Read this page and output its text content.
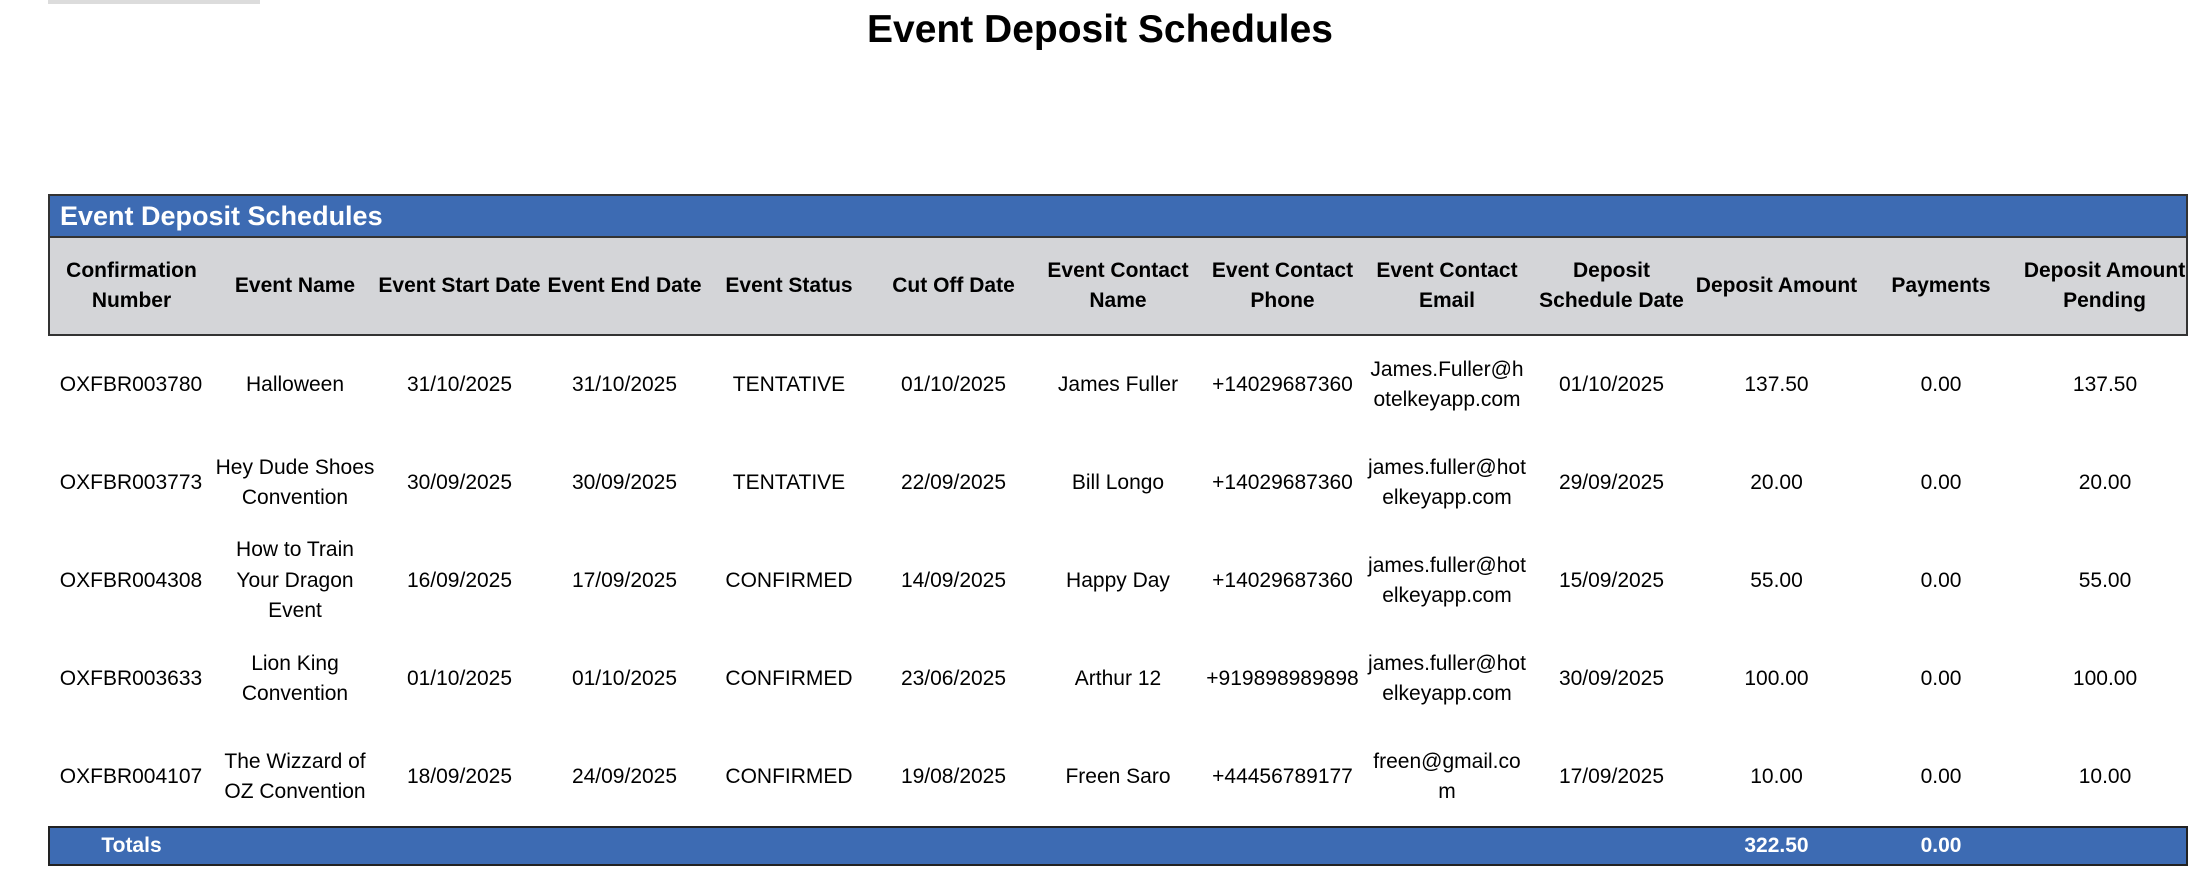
Event Deposit Schedules
Event Deposit Schedules												
Confirmation Number	Event Name	Event Start Date	Event End Date	Event Status	Cut Off Date	Event Contact Name	Event Contact Phone	Event Contact Email	Deposit Schedule Date	Deposit Amount	Payments	Deposit Amount Pending
OXFBR003780	Halloween	31/10/2025	31/10/2025	TENTATIVE	01/10/2025	James Fuller	+14029687360	James.Fuller@hotelkeyapp.com	01/10/2025	137.50	0.00	137.50
OXFBR003773	Hey Dude Shoes Convention	30/09/2025	30/09/2025	TENTATIVE	22/09/2025	Bill Longo	+14029687360	james.fuller@hotelkeyapp.com	29/09/2025	20.00	0.00	20.00
OXFBR004308	How to Train Your Dragon Event	16/09/2025	17/09/2025	CONFIRMED	14/09/2025	Happy Day	+14029687360	james.fuller@hotelkeyapp.com	15/09/2025	55.00	0.00	55.00
OXFBR003633	Lion King Convention	01/10/2025	01/10/2025	CONFIRMED	23/06/2025	Arthur 12	+919898989898	james.fuller@hotelkeyapp.com	30/09/2025	100.00	0.00	100.00
OXFBR004107	The Wizzard of OZ Convention	18/09/2025	24/09/2025	CONFIRMED	19/08/2025	Freen Saro	+44456789177	freen@gmail.com	17/09/2025	10.00	0.00	10.00
Totals										322.50	0.00	
